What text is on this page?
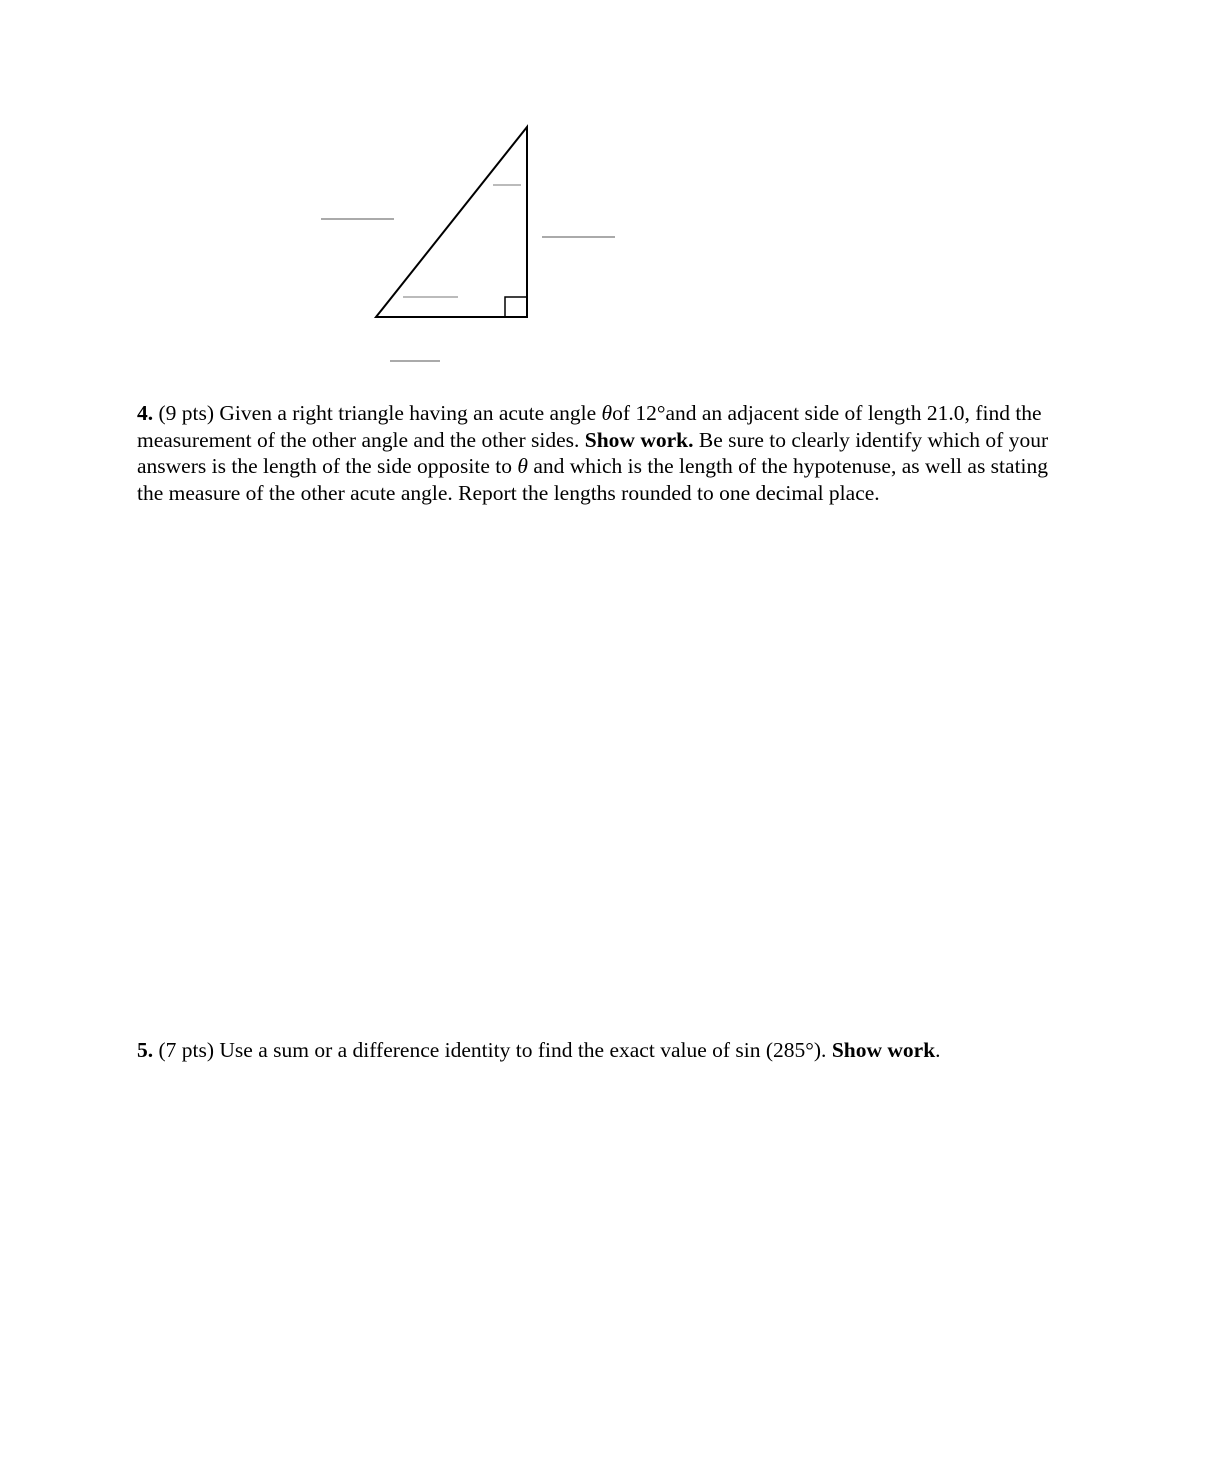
4. (9 pts) Given a right triangle having an acute angle θof 12°and an adjacent side of length 21.0, find the measurement of the other angle and the other sides. Show work. Be sure to clearly identify which of your answers is the length of the side opposite to θ and which is the length of the hypotenuse, as well as stating the measure of the other acute angle. Report the lengths rounded to one decimal place.

5. (7 pts) Use a sum or a difference identity to find the exact value of sin (285°). Show work.
